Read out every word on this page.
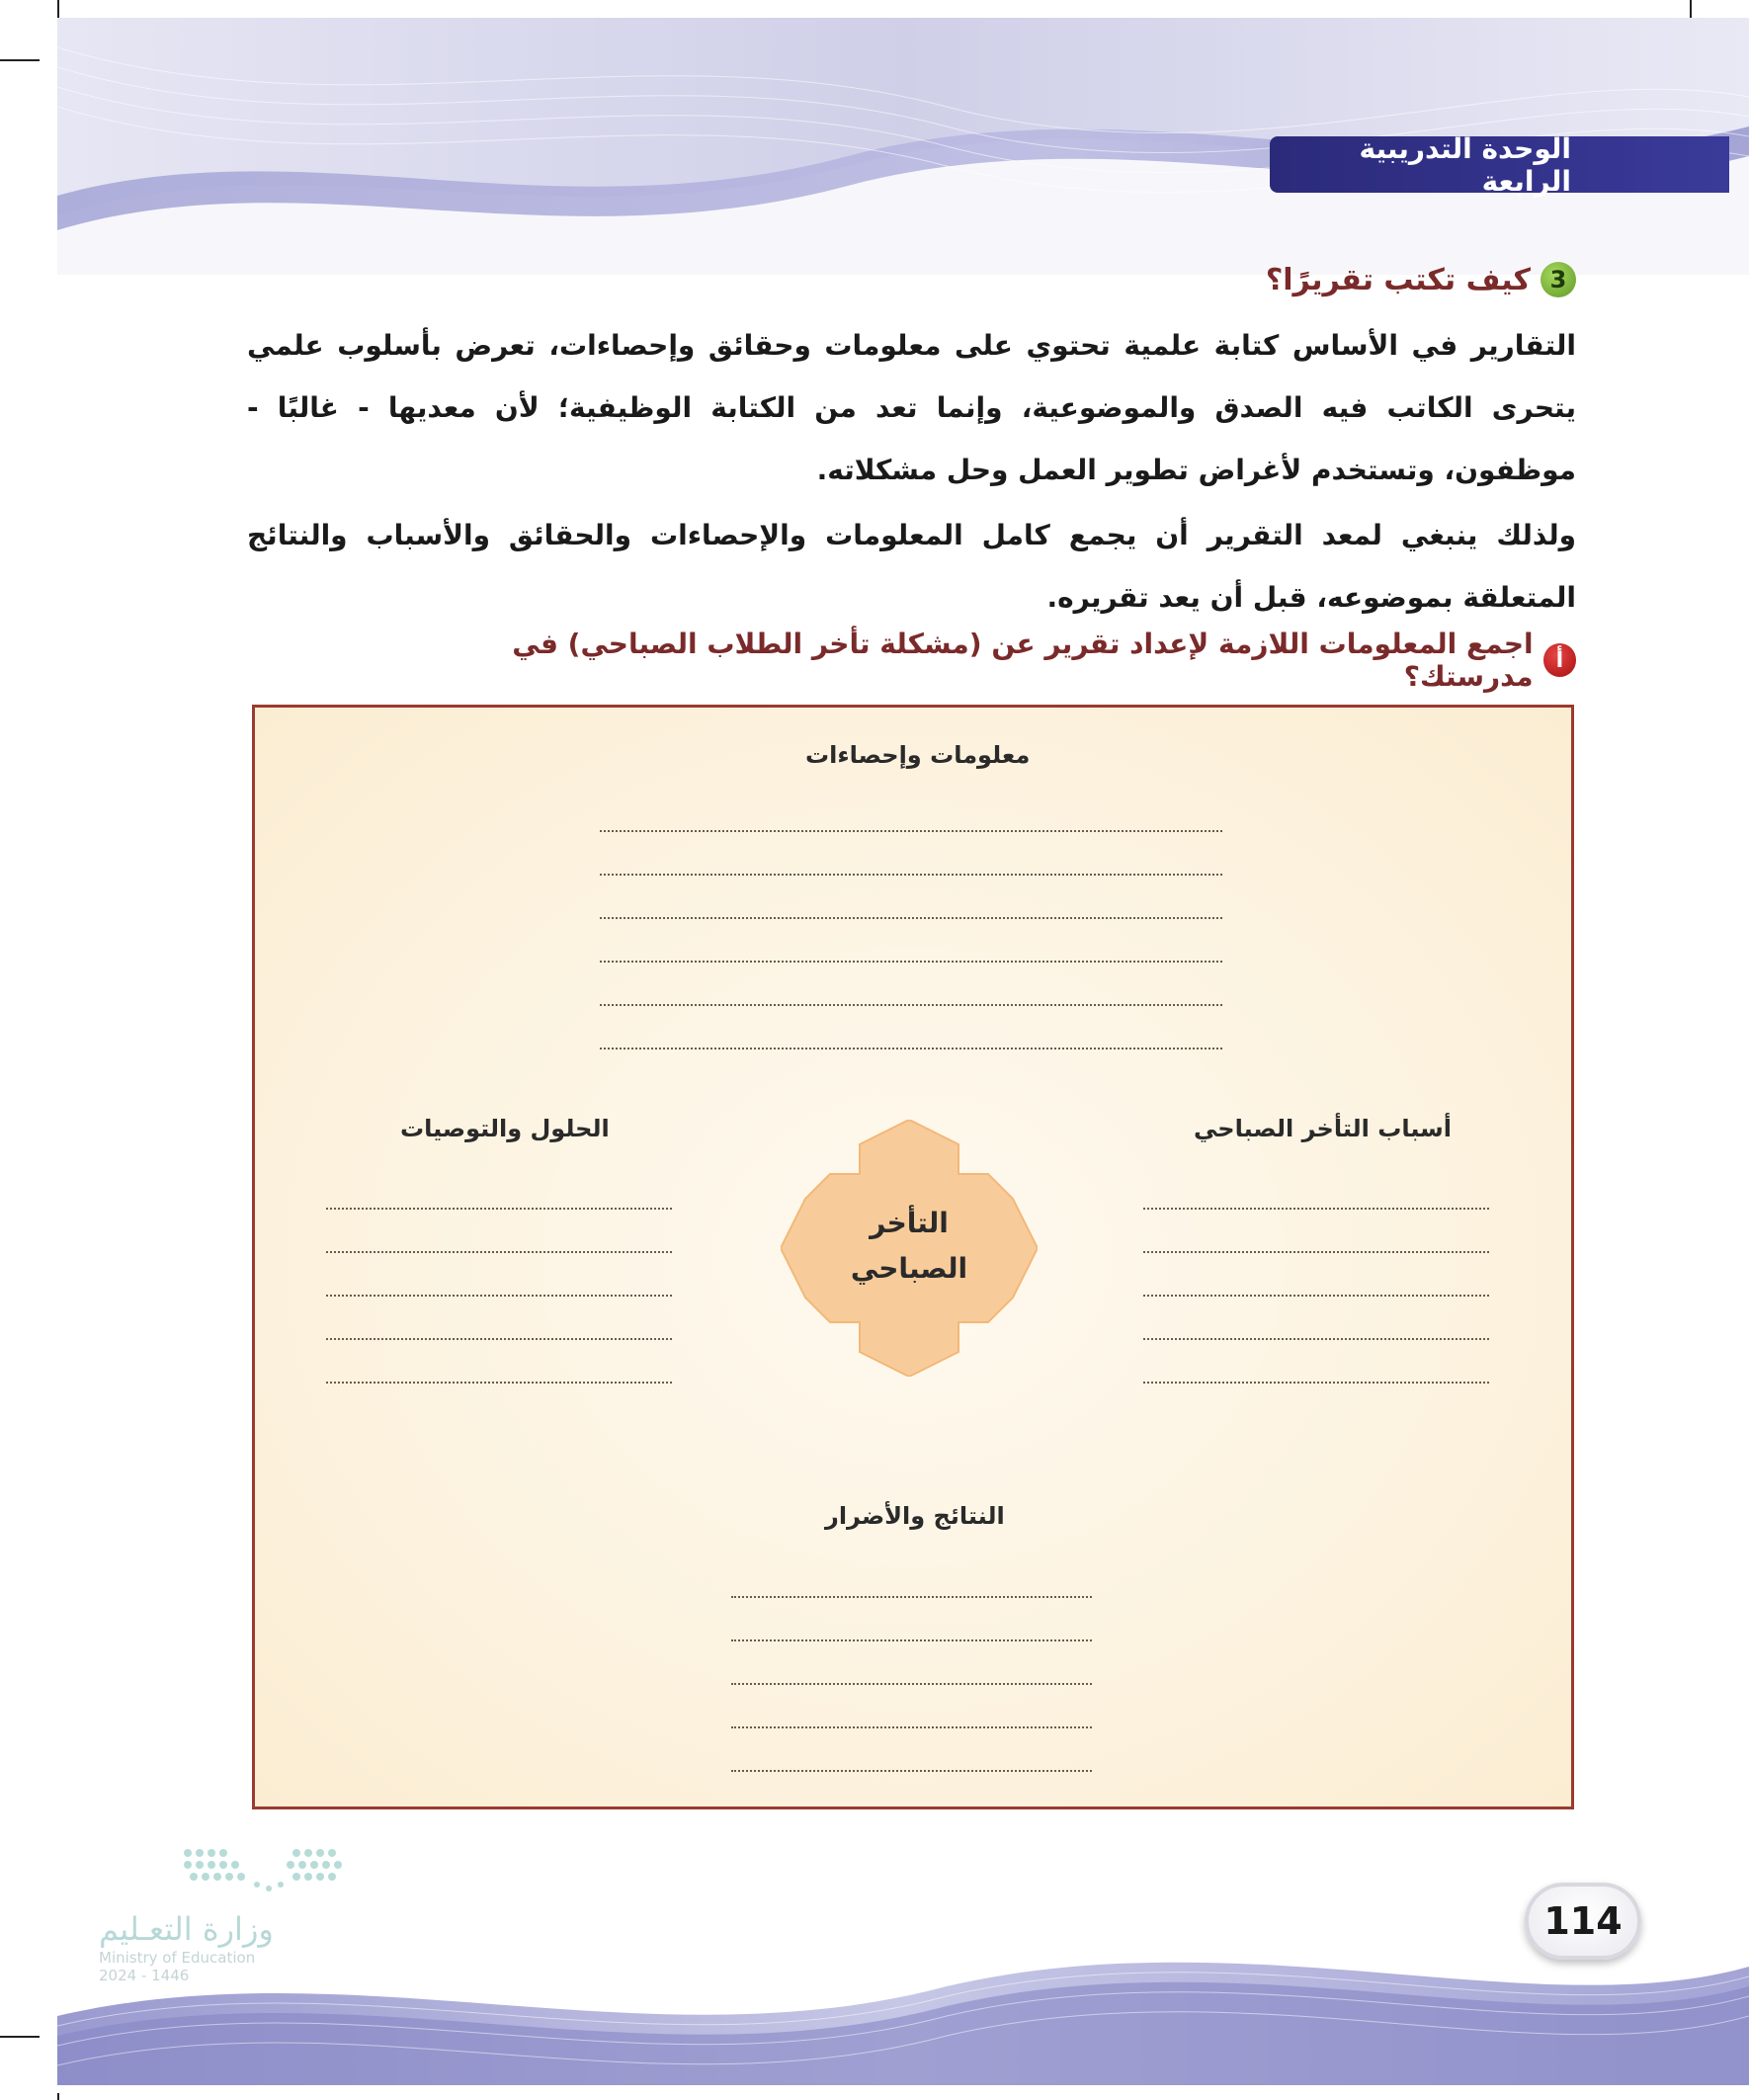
الوحدة التدريبية الرابعة
3
كيف تكتب تقريرًا؟
التقارير في الأساس كتابة علمية تحتوي على معلومات وحقائق وإحصاءات، تعرض بأسلوب علمي يتحرى الكاتب فيه الصدق والموضوعية، وإنما تعد من الكتابة الوظيفية؛ لأن معديها - غالبًا - موظفون، وتستخدم لأغراض تطوير العمل وحل مشكلاته.
ولذلك ينبغي لمعد التقرير أن يجمع كامل المعلومات والإحصاءات والحقائق والأسباب والنتائج المتعلقة بموضوعه، قبل أن يعد تقريره.
أ
اجمع المعلومات اللازمة لإعداد تقرير عن (مشكلة تأخر الطلاب الصباحي) في مدرستك؟
معلومات وإحصاءات
أسباب التأخر الصباحي
الحلول والتوصيات
التأخر
الصباحي
النتائج والأضرار
وزارة التعـليم
Ministry of Education
2024 - 1446
114
